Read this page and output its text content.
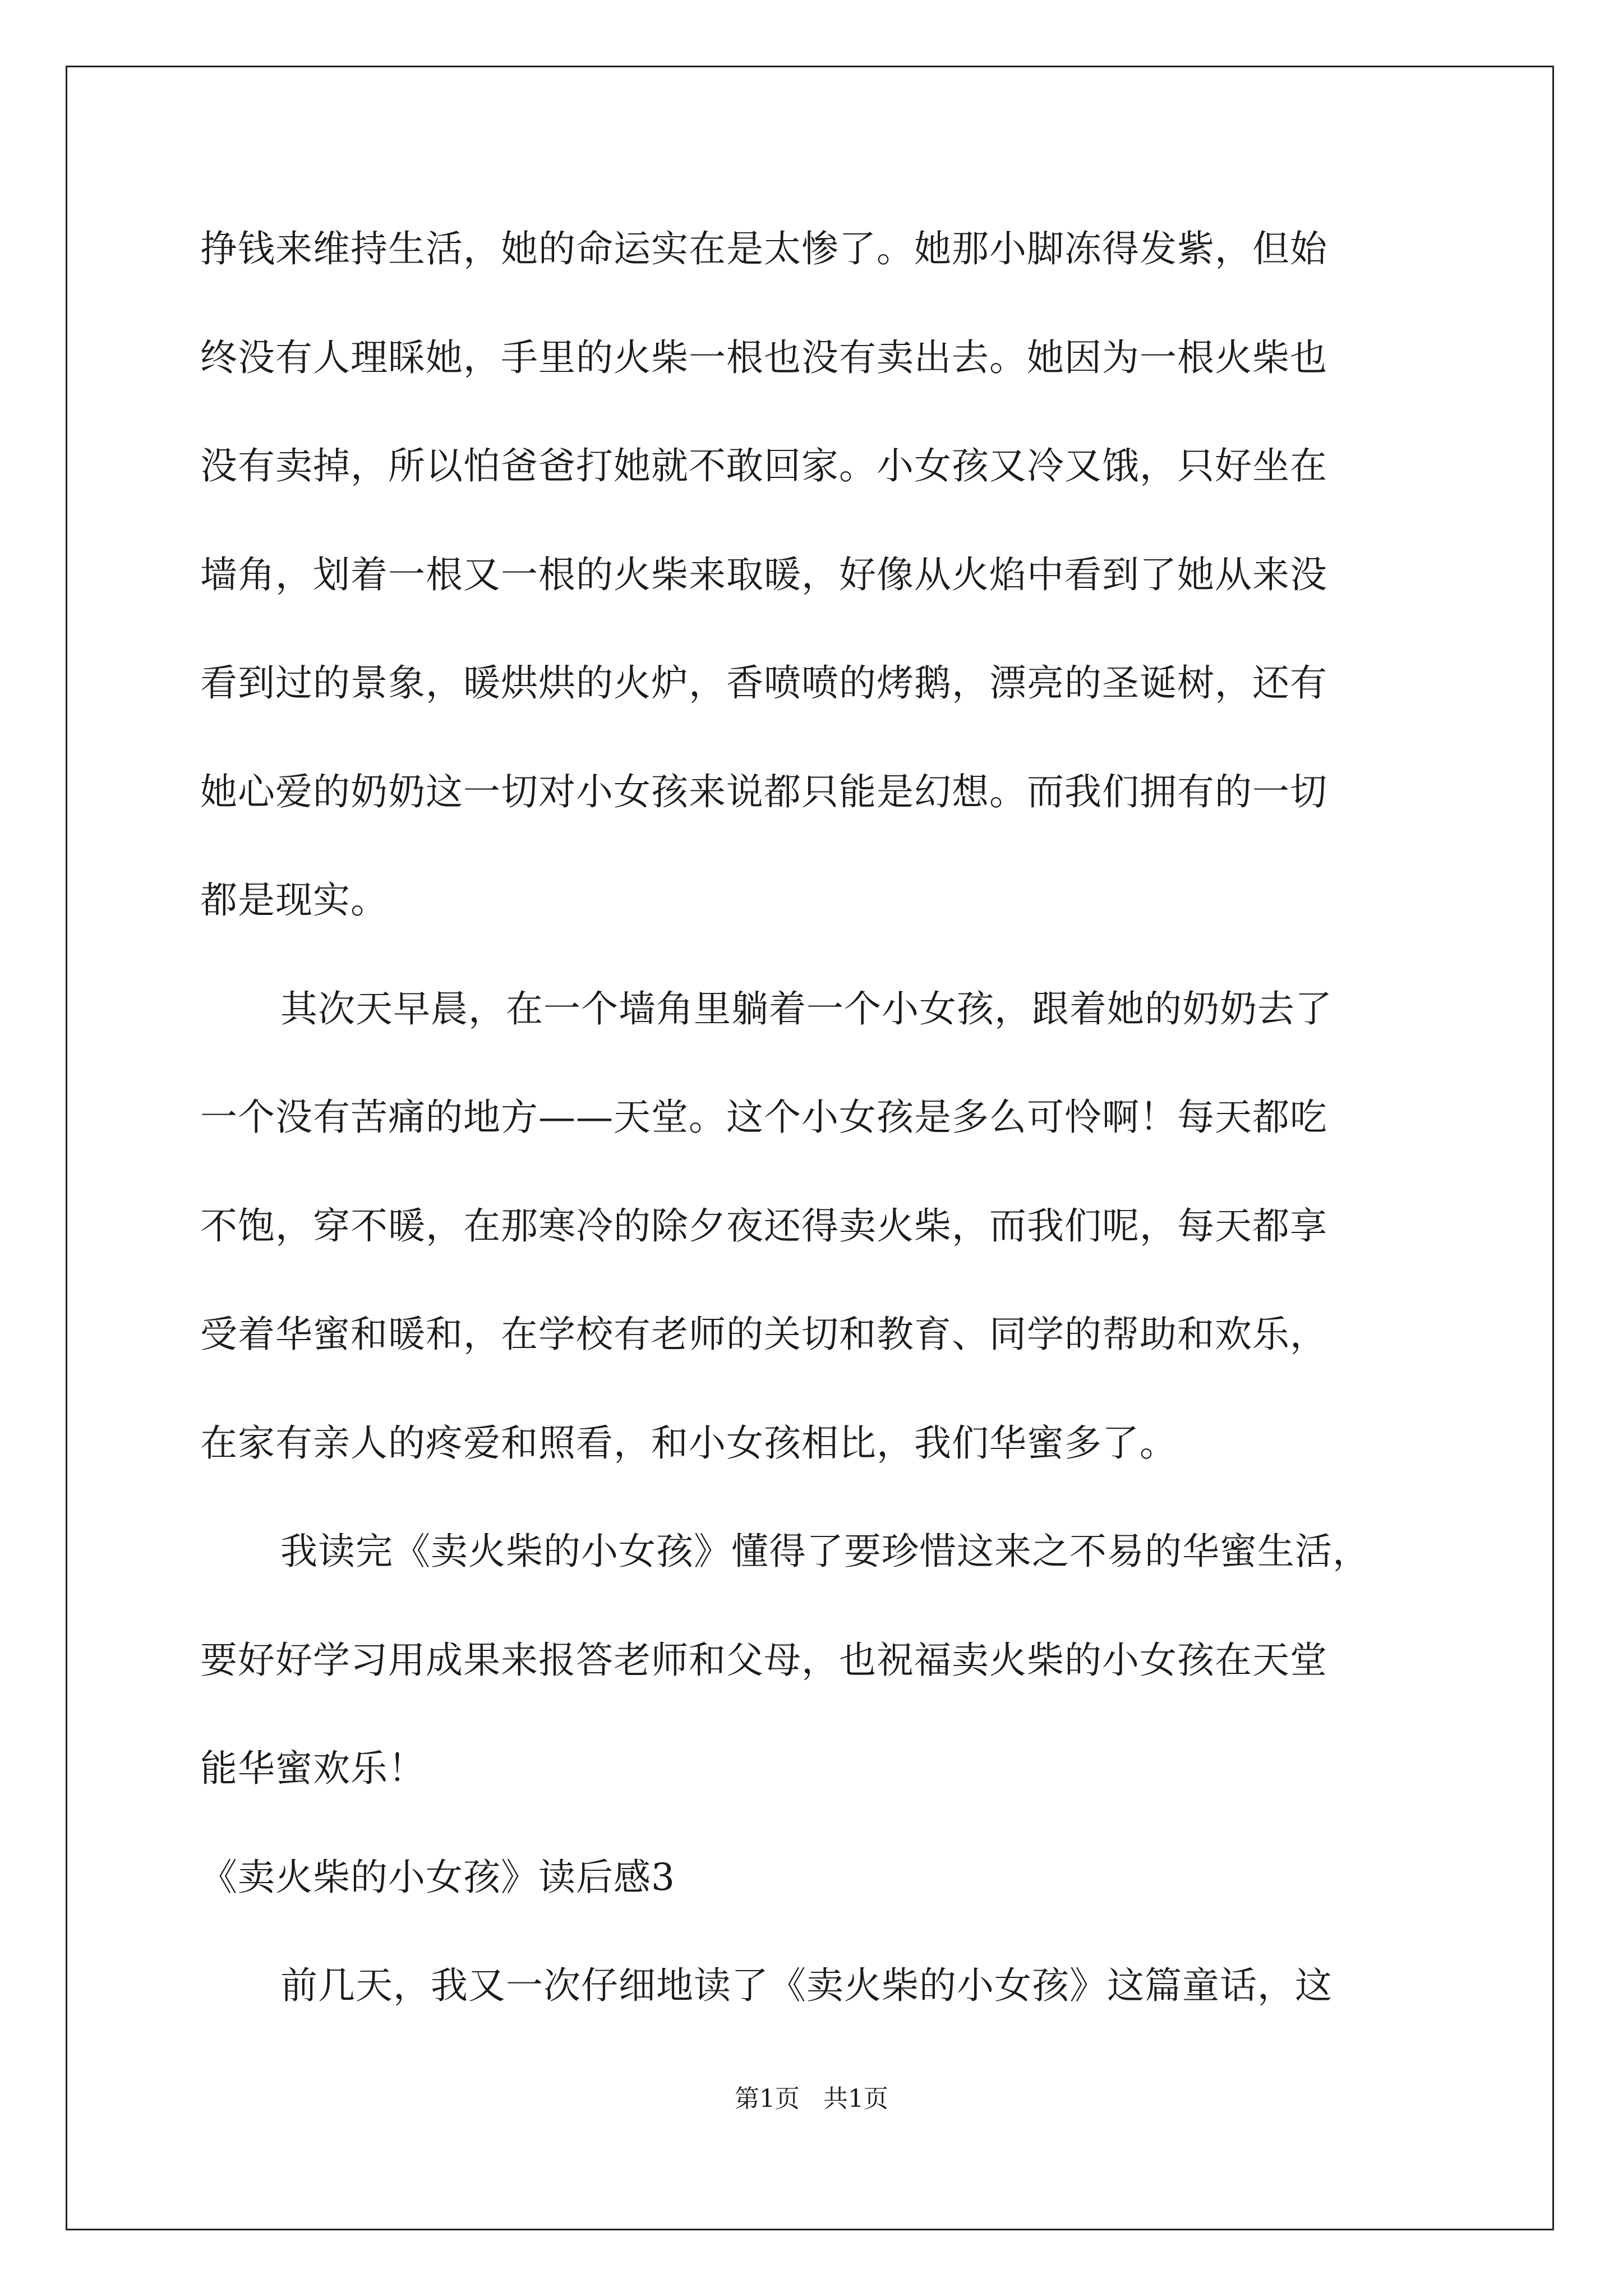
挣钱来维持生活，她的命运实在是太惨了。她那小脚冻得发紫，但始

终没有人理睬她，手里的火柴一根也没有卖出去。她因为一根火柴也

没有卖掉，所以怕爸爸打她就不敢回家。小女孩又冷又饿，只好坐在

墙角，划着一根又一根的火柴来取暖，好像从火焰中看到了她从来没

看到过的景象，暖烘烘的火炉，香喷喷的烤鹅，漂亮的圣诞树，还有

她心爱的奶奶这一切对小女孩来说都只能是幻想。而我们拥有的一切

都是现实。

其次天早晨，在一个墙角里躺着一个小女孩，跟着她的奶奶去了

一个没有苦痛的地方——天堂。这个小女孩是多么可怜啊！每天都吃

不饱，穿不暖，在那寒冷的除夕夜还得卖火柴，而我们呢，每天都享

受着华蜜和暖和，在学校有老师的关切和教育、同学的帮助和欢乐，

在家有亲人的疼爱和照看，和小女孩相比，我们华蜜多了。

我读完《卖火柴的小女孩》懂得了要珍惜这来之不易的华蜜生活，

要好好学习用成果来报答老师和父母，也祝福卖火柴的小女孩在天堂

能华蜜欢乐！

《卖火柴的小女孩》读后感3

前几天，我又一次仔细地读了《卖火柴的小女孩》这篇童话，这

第1页   共1页
